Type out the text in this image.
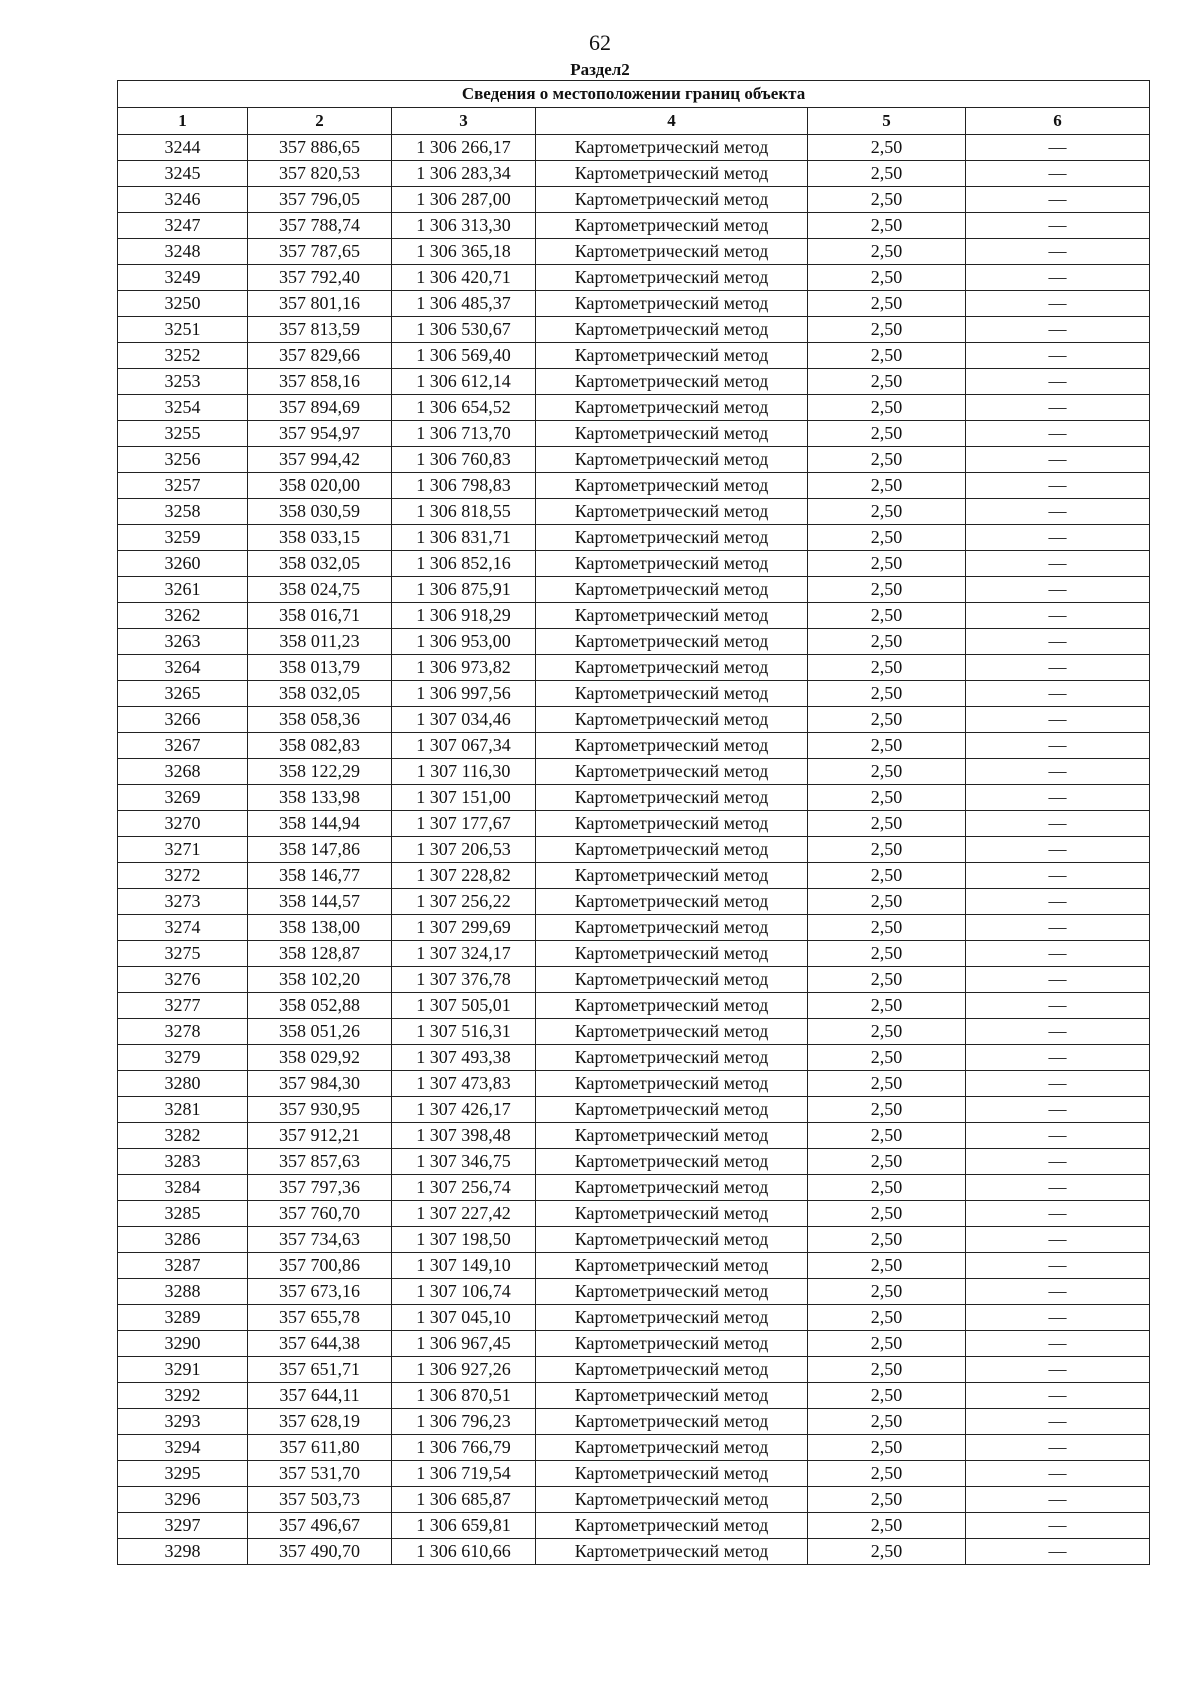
62
Раздел2
Сведения о местоположении границ объекта					
1	2	3	4	5	6
3244	357 886,65	1 306 266,17	Картометрический метод	2,50	—
3245	357 820,53	1 306 283,34	Картометрический метод	2,50	—
3246	357 796,05	1 306 287,00	Картометрический метод	2,50	—
3247	357 788,74	1 306 313,30	Картометрический метод	2,50	—
3248	357 787,65	1 306 365,18	Картометрический метод	2,50	—
3249	357 792,40	1 306 420,71	Картометрический метод	2,50	—
3250	357 801,16	1 306 485,37	Картометрический метод	2,50	—
3251	357 813,59	1 306 530,67	Картометрический метод	2,50	—
3252	357 829,66	1 306 569,40	Картометрический метод	2,50	—
3253	357 858,16	1 306 612,14	Картометрический метод	2,50	—
3254	357 894,69	1 306 654,52	Картометрический метод	2,50	—
3255	357 954,97	1 306 713,70	Картометрический метод	2,50	—
3256	357 994,42	1 306 760,83	Картометрический метод	2,50	—
3257	358 020,00	1 306 798,83	Картометрический метод	2,50	—
3258	358 030,59	1 306 818,55	Картометрический метод	2,50	—
3259	358 033,15	1 306 831,71	Картометрический метод	2,50	—
3260	358 032,05	1 306 852,16	Картометрический метод	2,50	—
3261	358 024,75	1 306 875,91	Картометрический метод	2,50	—
3262	358 016,71	1 306 918,29	Картометрический метод	2,50	—
3263	358 011,23	1 306 953,00	Картометрический метод	2,50	—
3264	358 013,79	1 306 973,82	Картометрический метод	2,50	—
3265	358 032,05	1 306 997,56	Картометрический метод	2,50	—
3266	358 058,36	1 307 034,46	Картометрический метод	2,50	—
3267	358 082,83	1 307 067,34	Картометрический метод	2,50	—
3268	358 122,29	1 307 116,30	Картометрический метод	2,50	—
3269	358 133,98	1 307 151,00	Картометрический метод	2,50	—
3270	358 144,94	1 307 177,67	Картометрический метод	2,50	—
3271	358 147,86	1 307 206,53	Картометрический метод	2,50	—
3272	358 146,77	1 307 228,82	Картометрический метод	2,50	—
3273	358 144,57	1 307 256,22	Картометрический метод	2,50	—
3274	358 138,00	1 307 299,69	Картометрический метод	2,50	—
3275	358 128,87	1 307 324,17	Картометрический метод	2,50	—
3276	358 102,20	1 307 376,78	Картометрический метод	2,50	—
3277	358 052,88	1 307 505,01	Картометрический метод	2,50	—
3278	358 051,26	1 307 516,31	Картометрический метод	2,50	—
3279	358 029,92	1 307 493,38	Картометрический метод	2,50	—
3280	357 984,30	1 307 473,83	Картометрический метод	2,50	—
3281	357 930,95	1 307 426,17	Картометрический метод	2,50	—
3282	357 912,21	1 307 398,48	Картометрический метод	2,50	—
3283	357 857,63	1 307 346,75	Картометрический метод	2,50	—
3284	357 797,36	1 307 256,74	Картометрический метод	2,50	—
3285	357 760,70	1 307 227,42	Картометрический метод	2,50	—
3286	357 734,63	1 307 198,50	Картометрический метод	2,50	—
3287	357 700,86	1 307 149,10	Картометрический метод	2,50	—
3288	357 673,16	1 307 106,74	Картометрический метод	2,50	—
3289	357 655,78	1 307 045,10	Картометрический метод	2,50	—
3290	357 644,38	1 306 967,45	Картометрический метод	2,50	—
3291	357 651,71	1 306 927,26	Картометрический метод	2,50	—
3292	357 644,11	1 306 870,51	Картометрический метод	2,50	—
3293	357 628,19	1 306 796,23	Картометрический метод	2,50	—
3294	357 611,80	1 306 766,79	Картометрический метод	2,50	—
3295	357 531,70	1 306 719,54	Картометрический метод	2,50	—
3296	357 503,73	1 306 685,87	Картометрический метод	2,50	—
3297	357 496,67	1 306 659,81	Картометрический метод	2,50	—
3298	357 490,70	1 306 610,66	Картометрический метод	2,50	—
